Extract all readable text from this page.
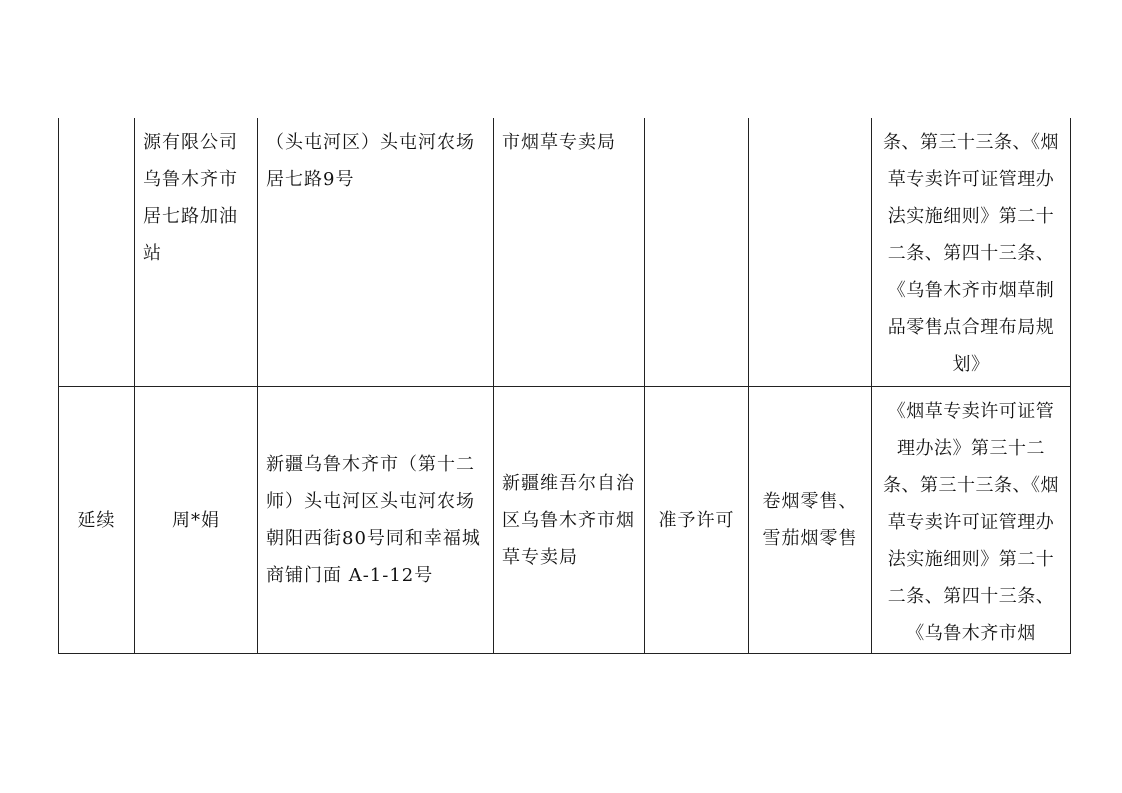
	源有限公司乌鲁木齐市居七路加油站	（头屯河区）头屯河农场居七路9号	市烟草专卖局			条、第三十三条、《烟草专卖许可证管理办法实施细则》第二十二条、第四十三条、《乌鲁木齐市烟草制品零售点合理布局规划》
延续	周*娟	新疆乌鲁木齐市（第十二师）头屯河区头屯河农场朝阳西街80号同和幸福城商铺门面 A-1-12号	新疆维吾尔自治区乌鲁木齐市烟草专卖局	准予许可	卷烟零售、雪茄烟零售	《烟草专卖许可证管理办法》第三十二条、第三十三条、《烟草专卖许可证管理办法实施细则》第二十二条、第四十三条、《乌鲁木齐市烟
